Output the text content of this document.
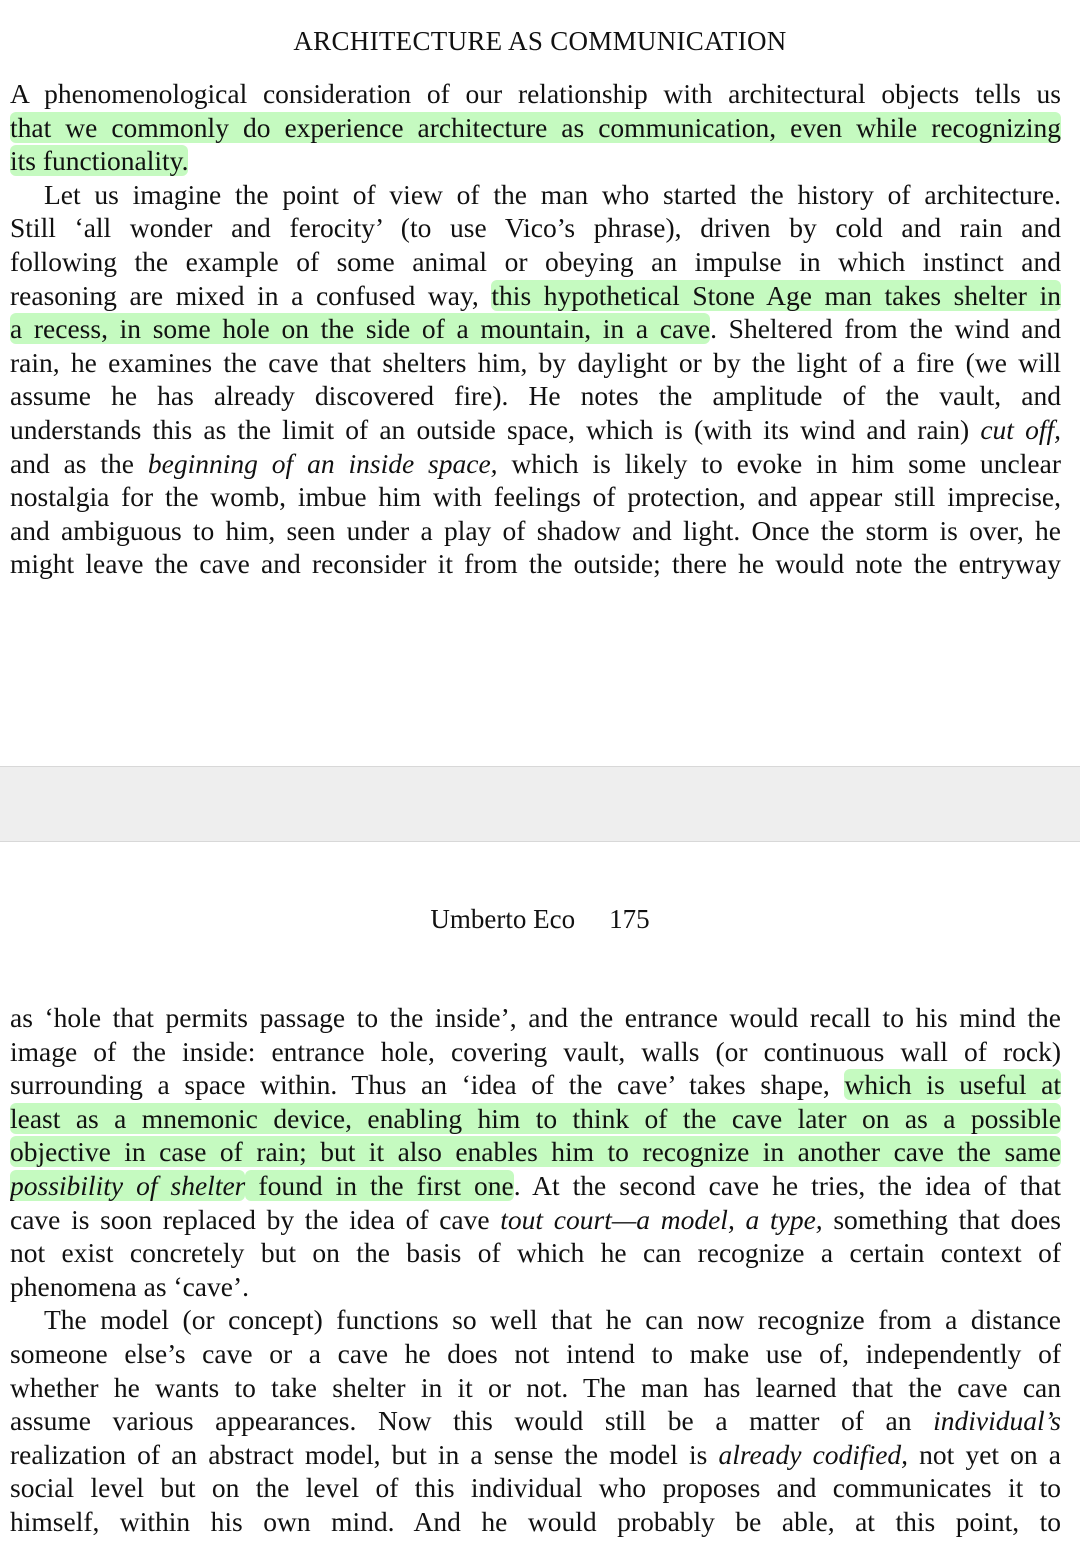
ARCHITECTURE AS COMMUNICATION
A phenomenological consideration of our relationship with architectural objects tells us
that we commonly do experience architecture as communication, even while recognizing
its functionality.
Let us imagine the point of view of the man who started the history of architecture.
Still ‘all wonder and ferocity’ (to use Vico’s phrase), driven by cold and rain and
following the example of some animal or obeying an impulse in which instinct and
reasoning are mixed in a confused way, this hypothetical Stone Age man takes shelter in
a recess, in some hole on the side of a mountain, in a cave. Sheltered from the wind and
rain, he examines the cave that shelters him, by daylight or by the light of a fire (we will
assume he has already discovered fire). He notes the amplitude of the vault, and
understands this as the limit of an outside space, which is (with its wind and rain) cut off,
and as the beginning of an inside space, which is likely to evoke in him some unclear
nostalgia for the womb, imbue him with feelings of protection, and appear still imprecise,
and ambiguous to him, seen under a play of shadow and light. Once the storm is over, he
might leave the cave and reconsider it from the outside; there he would note the entryway
Umberto Eco 175
as ‘hole that permits passage to the inside’, and the entrance would recall to his mind the
image of the inside: entrance hole, covering vault, walls (or continuous wall of rock)
surrounding a space within. Thus an ‘idea of the cave’ takes shape, which is useful at
least as a mnemonic device, enabling him to think of the cave later on as a possible
objective in case of rain; but it also enables him to recognize in another cave the same
possibility of shelter found in the first one. At the second cave he tries, the idea of that
cave is soon replaced by the idea of cave tout court—a model, a type, something that does
not exist concretely but on the basis of which he can recognize a certain context of
phenomena as ‘cave’.
The model (or concept) functions so well that he can now recognize from a distance
someone else’s cave or a cave he does not intend to make use of, independently of
whether he wants to take shelter in it or not. The man has learned that the cave can
assume various appearances. Now this would still be a matter of an individual’s
realization of an abstract model, but in a sense the model is already codified, not yet on a
social level but on the level of this individual who proposes and communicates it to
himself, within his own mind. And he would probably be able, at this point, to
